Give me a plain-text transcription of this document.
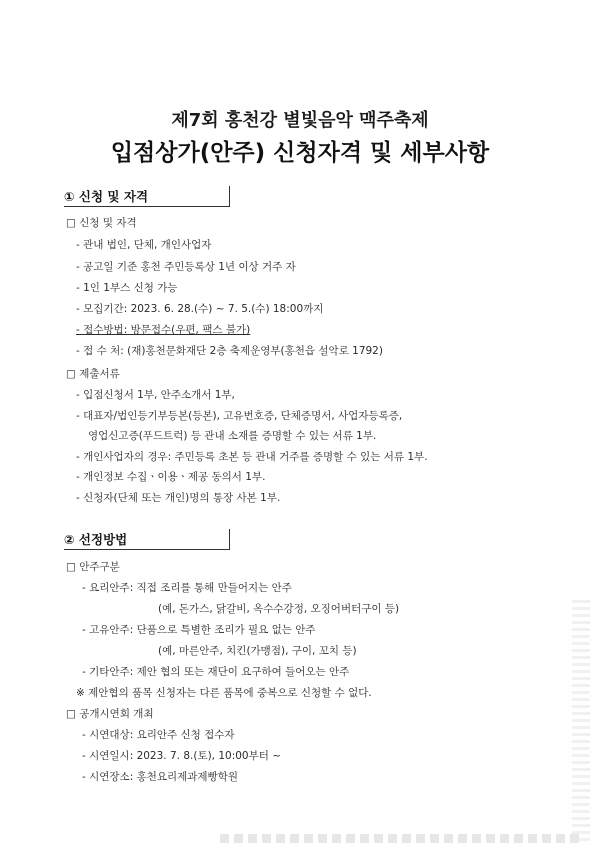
제7회 홍천강 별빛음악 맥주축제
입점상가(안주) 신청자격 및 세부사항
① 신청 및 자격
□ 신청 및 자격
- 관내 법인, 단체, 개인사업자
- 공고일 기준 홍천 주민등록상 1년 이상 거주 자
- 1인 1부스 신청 가능
- 모집기간: 2023. 6. 28.(수) ~ 7. 5.(수) 18:00까지
- 접수방법: 방문접수(우편, 팩스 불가)
- 접 수 처: (재)홍천문화재단 2층 축제운영부(홍천읍 설악로 1792)
□ 제출서류
- 입점신청서 1부, 안주소개서 1부,
- 대표자/법인등기부등본(등본), 고유번호증, 단체증명서, 사업자등록증,
영업신고증(푸드트럭) 등 관내 소재를 증명할 수 있는 서류 1부.
- 개인사업자의 경우: 주민등록 초본 등 관내 거주를 증명할 수 있는 서류 1부.
- 개인정보 수집ㆍ이용ㆍ제공 동의서 1부.
- 신청자(단체 또는 개인)명의 통장 사본 1부.
② 선정방법
□ 안주구분
- 요리안주: 직접 조리를 통해 만들어지는 안주
(예, 돈가스, 닭갈비, 옥수수강정, 오징어버터구이 등)
- 고유안주: 단품으로 특별한 조리가 필요 없는 안주
(예, 마른안주, 치킨(가맹점), 구이, 꼬치 등)
- 기타안주: 제안 협의 또는 재단이 요구하여 들어오는 안주
※ 제안협의 품목 신청자는 다른 품목에 중복으로 신청할 수 없다.
□ 공개시연회 개최
- 시연대상: 요리안주 신청 접수자
- 시연일시: 2023. 7. 8.(토), 10:00부터 ~
- 시연장소: 홍천요리제과제빵학원
